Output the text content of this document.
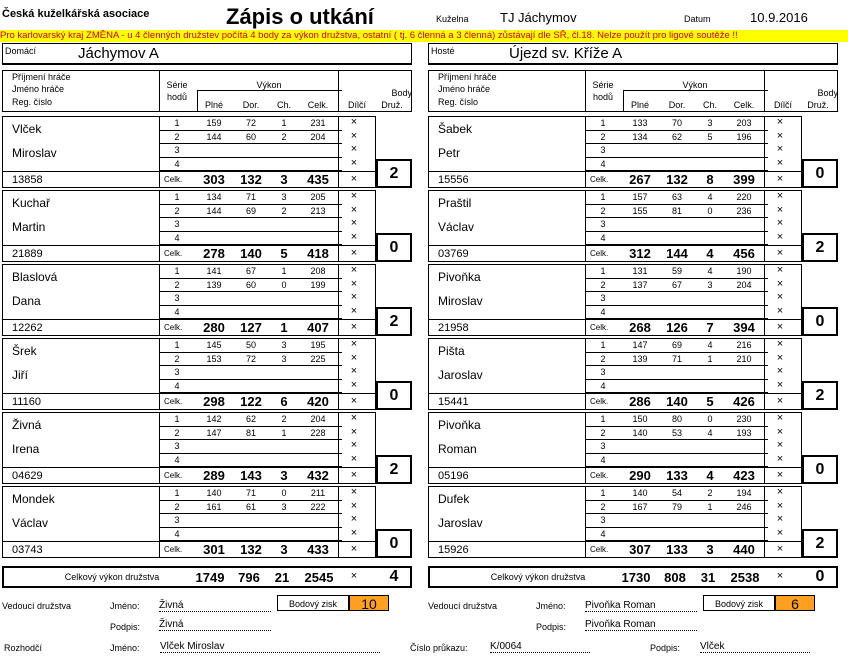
Česká kuželkářská asociace	Zápis o utkání	Kuželna TJ Jáchymov	Datum	10.9.2016
Pro karlovarský kraj ZMĚNA - u 4 členných družstev počítá 4 body za výkon družstva, ostatní ( tj. 6 členná a 3 členná) zůstávají dle SŘ, čl.18. Nelze použít pro ligové soutěže !!
Domácí	Jáchymov A
Příjmení hráče
Jméno hráče
Reg. číslo
Série
hodů
Výkon
Plné	Dor.	Ch.	Celk.
Body
Dílčí	Druž.
Vlček
Miroslav
13858
1	159	72	1	231	×
2	144	60	2	204	×
3	×
4	×
Celk.	303	132	3	435	×	2
Kuchař
Martin
21889
1	134	71	3	205	×
2	144	69	2	213	×
3	×
4	×
Celk.	278	140	5	418	×	0
Blaslová
Dana
12262
1	141	67	1	208	×
2	139	60	0	199	×
3	×
4	×
Celk.	280	127	1	407	×	2
Šrek
Jiří
11160
1	145	50	3	195	×
2	153	72	3	225	×
3	×
4	×
Celk.	298	122	6	420	×	0
Živná
Irena
04629
1	142	62	2	204	×
2	147	81	1	228	×
3	×
4	×
Celk.	289	143	3	432	×	2
Mondek
Václav
03743
1	140	71	0	211	×
2	161	61	3	222	×
3	×
4	×
Celk.	301	132	3	433	×	0
Celkový výkon družstva	1749	796	21	2545	×	4
Bodový zisk	10
Vedoucí družstva	Jméno: Živná
Podpis: Živná
Hosté	Újezd sv. Kříže A
Příjmení hráče
Jméno hráče
Reg. číslo
Série
hodů
Výkon
Plné	Dor.	Ch.	Celk.
Body
Dílčí	Druž.
Šabek
Petr
15556
1	133	70	3	203	×
2	134	62	5	196	×
3	×
4	×
Celk.	267	132	8	399	×	0
Praštil
Václav
03769
1	157	63	4	220	×
2	155	81	0	236	×
3	×
4	×
Celk.	312	144	4	456	×	2
Pivoňka
Miroslav
21958
1	131	59	4	190	×
2	137	67	3	204	×
3	×
4	×
Celk.	268	126	7	394	×	0
Pišta
Jaroslav
15441
1	147	69	4	216	×
2	139	71	1	210	×
3	×
4	×
Celk.	286	140	5	426	×	2
Pivoňka
Roman
05196
1	150	80	0	230	×
2	140	53	4	193	×
3	×
4	×
Celk.	290	133	4	423	×	0
Dufek
Jaroslav
15926
1	140	54	2	194	×
2	167	79	1	246	×
3	×
4	×
Celk.	307	133	3	440	×	2
Celkový výkon družstva	1730	808	31	2538	×	0
Bodový zisk	6
Vedoucí družstva	Jméno: Pivoňka Roman
Podpis: Pivoňka Roman
Rozhodčí	Jméno: Vlček Miroslav	Číslo průkazu: K/0064	Podpis: Vlček
